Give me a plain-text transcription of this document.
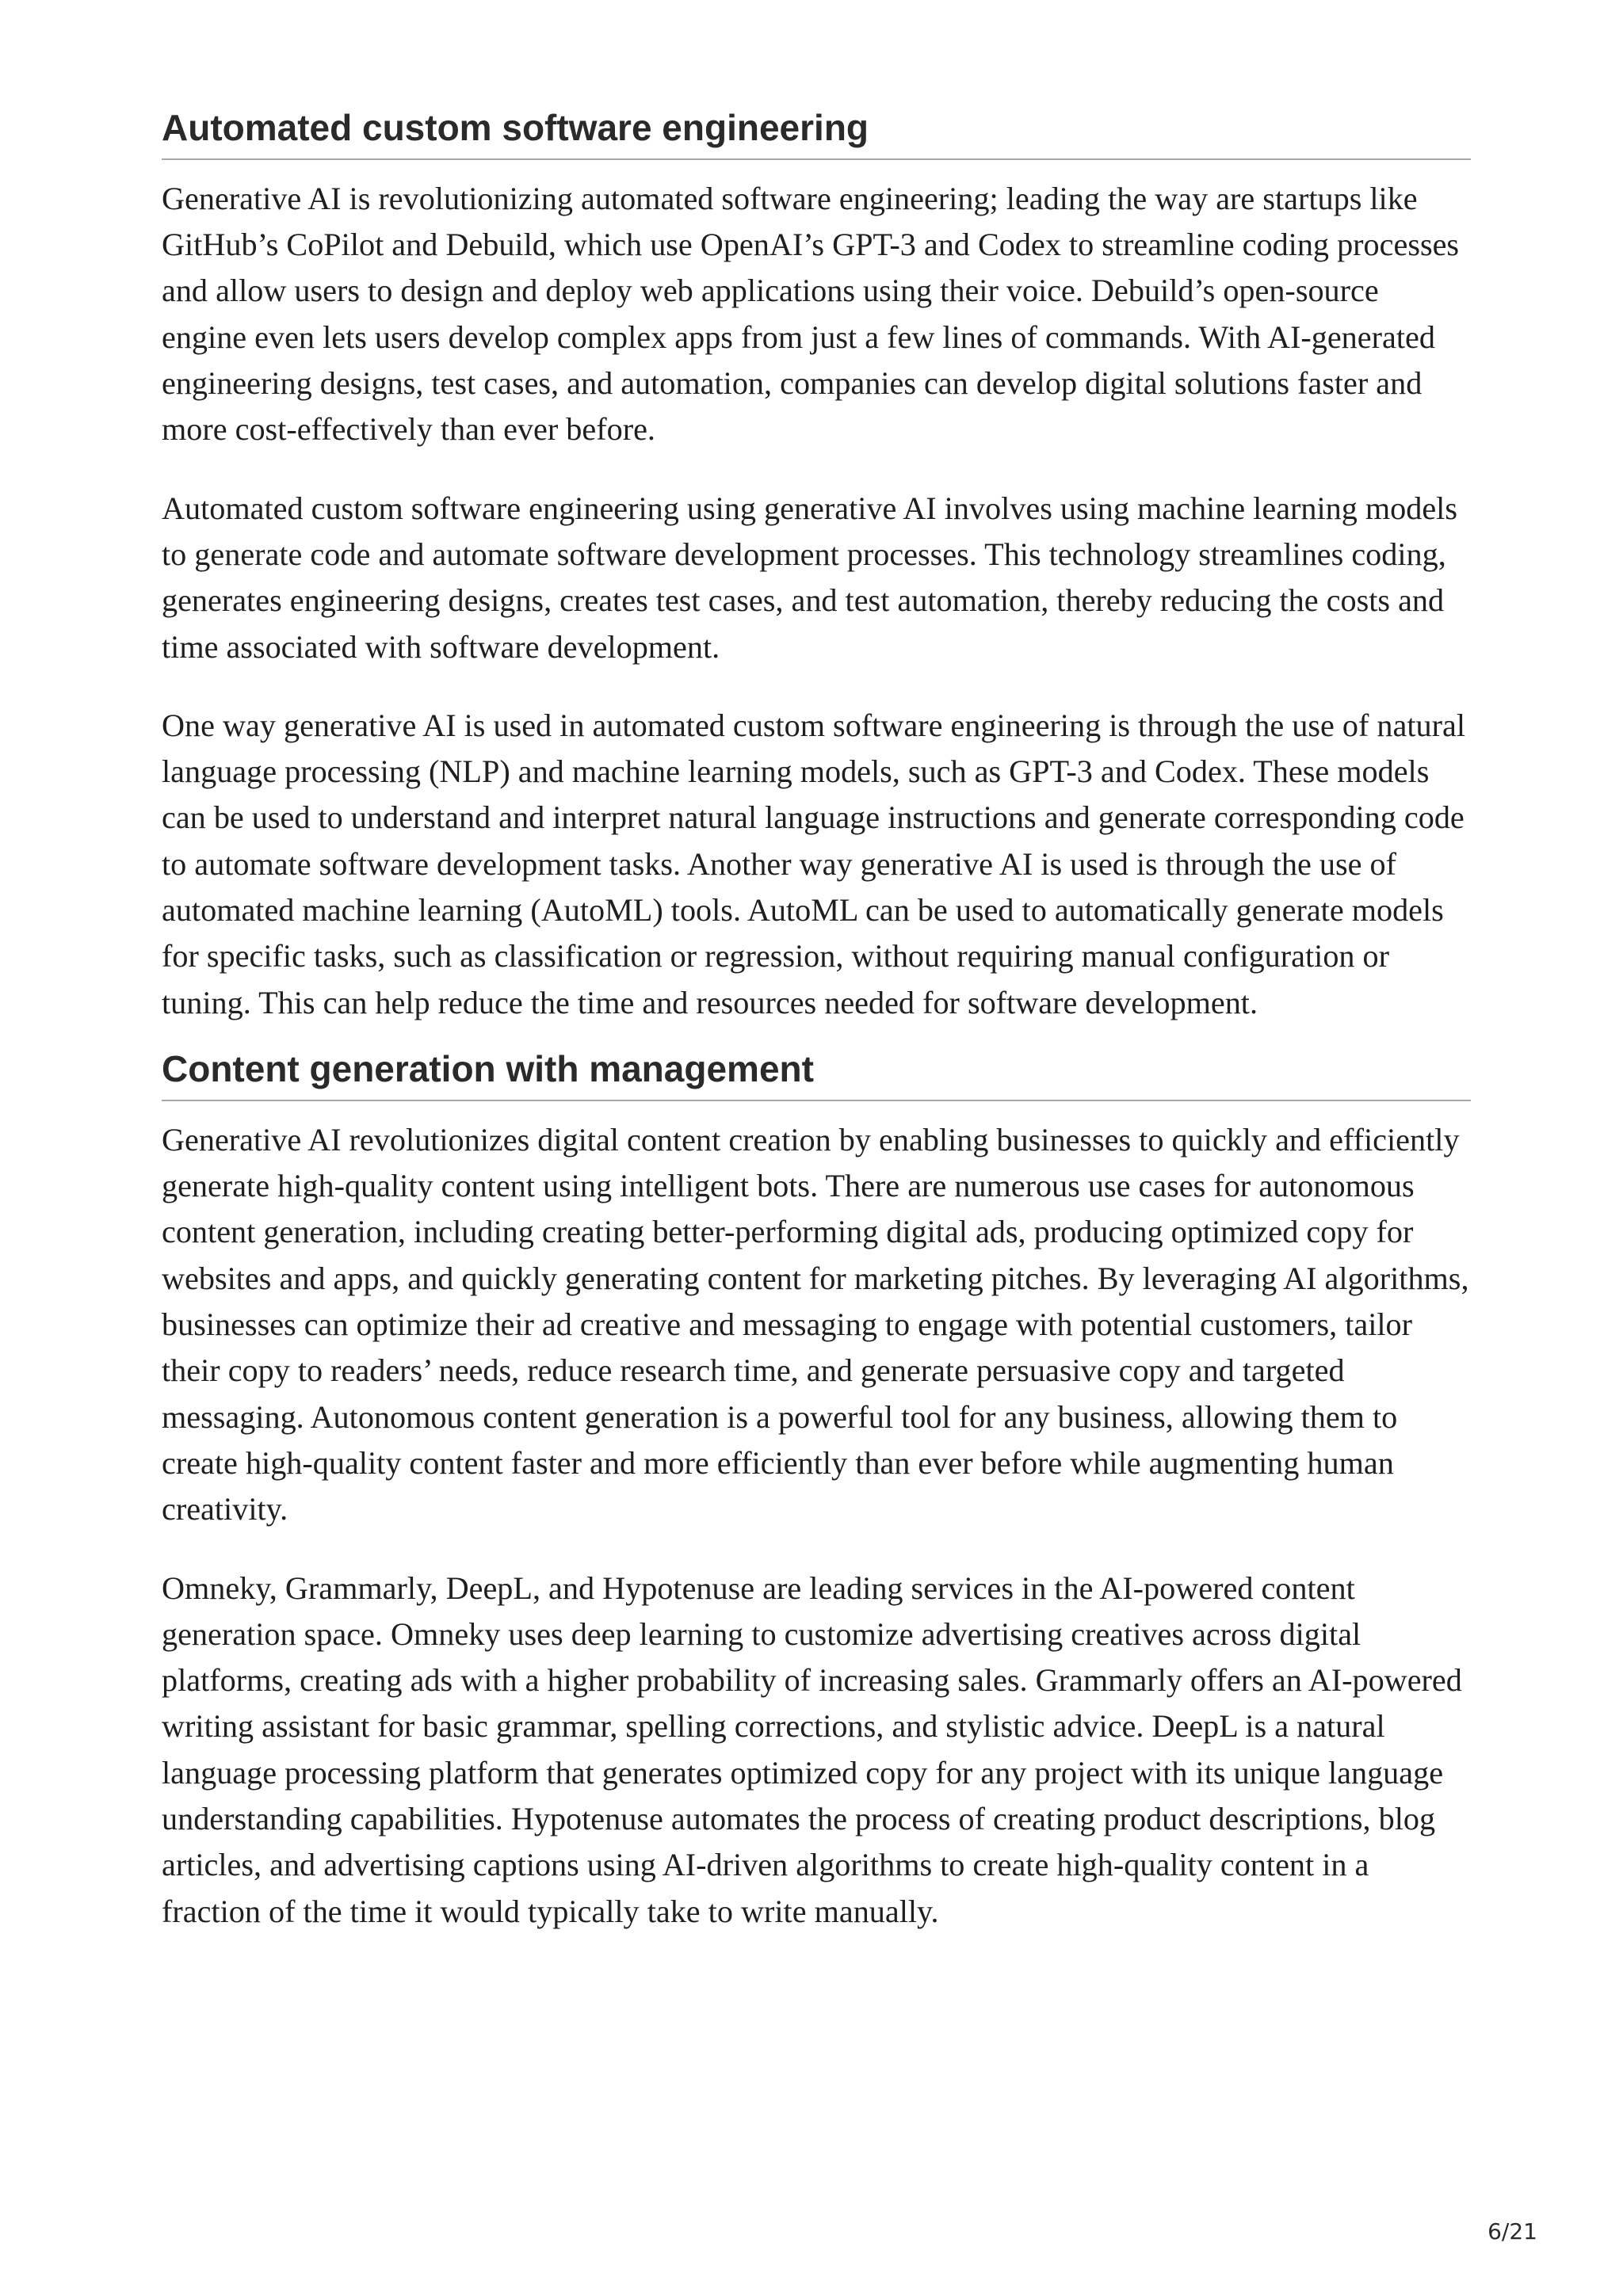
Automated custom software engineering

Generative AI is revolutionizing automated software engineering; leading the way are startups like GitHub’s CoPilot and Debuild, which use OpenAI’s GPT-3 and Codex to streamline coding processes and allow users to design and deploy web applications using their voice. Debuild’s open-source engine even lets users develop complex apps from just a few lines of commands. With AI-generated engineering designs, test cases, and automation, companies can develop digital solutions faster and more cost-effectively than ever before.

Automated custom software engineering using generative AI involves using machine learning models to generate code and automate software development processes. This technology streamlines coding, generates engineering designs, creates test cases, and test automation, thereby reducing the costs and time associated with software development.

One way generative AI is used in automated custom software engineering is through the use of natural language processing (NLP) and machine learning models, such as GPT-3 and Codex. These models can be used to understand and interpret natural language instructions and generate corresponding code to automate software development tasks. Another way generative AI is used is through the use of automated machine learning (AutoML) tools. AutoML can be used to automatically generate models for specific tasks, such as classification or regression, without requiring manual configuration or tuning. This can help reduce the time and resources needed for software development.

Content generation with management

Generative AI revolutionizes digital content creation by enabling businesses to quickly and efficiently generate high-quality content using intelligent bots. There are numerous use cases for autonomous content generation, including creating better-performing digital ads, producing optimized copy for websites and apps, and quickly generating content for marketing pitches. By leveraging AI algorithms, businesses can optimize their ad creative and messaging to engage with potential customers, tailor their copy to readers’ needs, reduce research time, and generate persuasive copy and targeted messaging. Autonomous content generation is a powerful tool for any business, allowing them to create high-quality content faster and more efficiently than ever before while augmenting human creativity.

Omneky, Grammarly, DeepL, and Hypotenuse are leading services in the AI-powered content generation space. Omneky uses deep learning to customize advertising creatives across digital platforms, creating ads with a higher probability of increasing sales. Grammarly offers an AI-powered writing assistant for basic grammar, spelling corrections, and stylistic advice. DeepL is a natural language processing platform that generates optimized copy for any project with its unique language understanding capabilities. Hypotenuse automates the process of creating product descriptions, blog articles, and advertising captions using AI-driven algorithms to create high-quality content in a fraction of the time it would typically take to write manually.

6/21
